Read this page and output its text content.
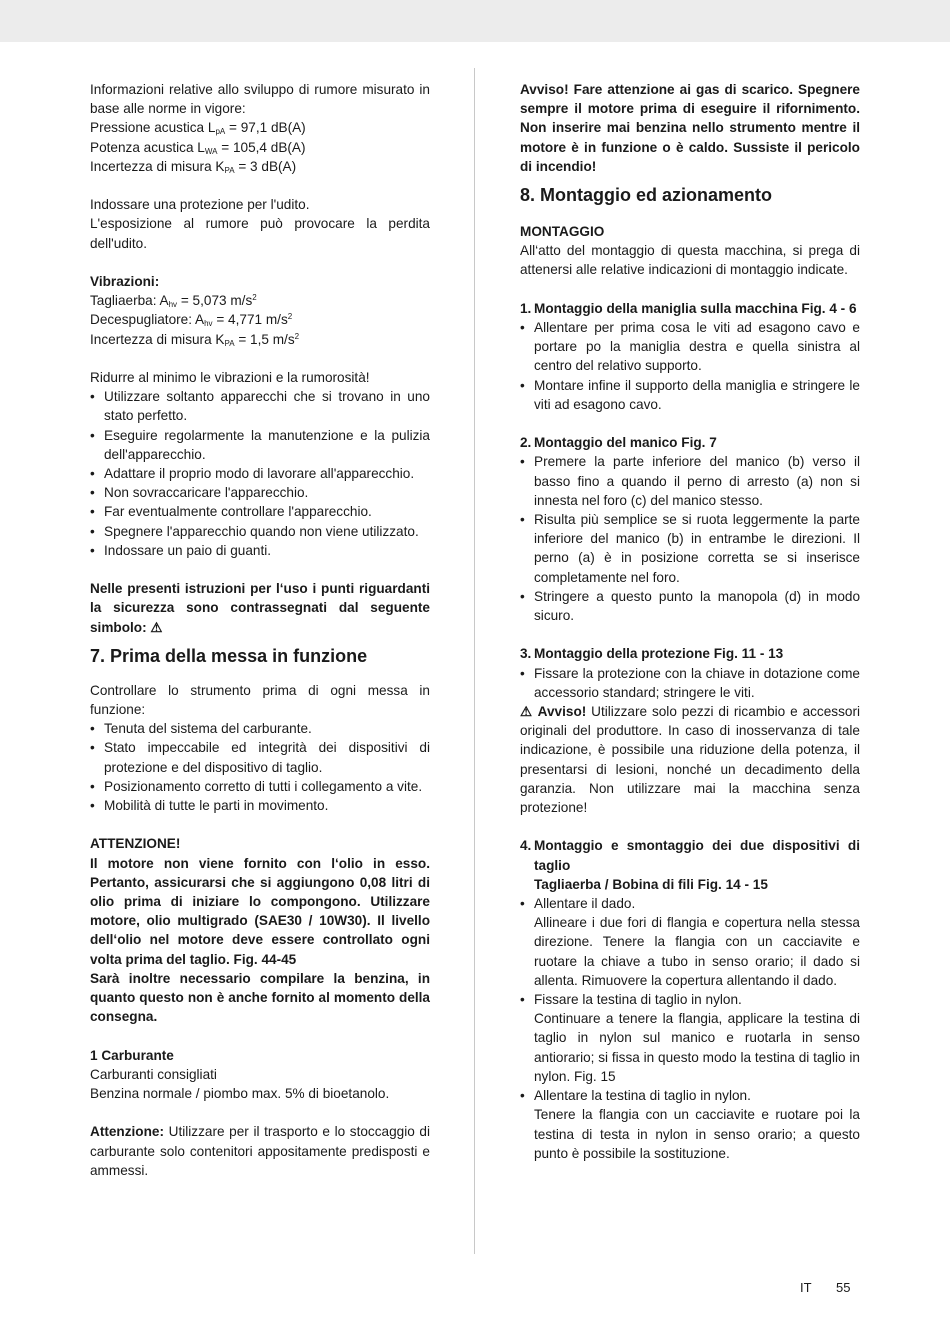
Informazioni relative allo sviluppo di rumore misurato in base alle norme in vigore:

Pressione acustica $L_{pA} = 97,1$ dB(A)

Potenza acustica $L_{WA} = 105,4$ dB(A)

Incertezza di misura $K_{PA} = 3$ dB(A)

Indossare una protezione per l'udito.

L'esposizione al rumore può provocare la perdita dell'udito.

Vibrazioni:

Tagliaerba: $A_{hv} = 5,073$ $m/s^2$

Decespugliatore: $A_{hv} = 4,771$ $m/s^2$

Incertezza di misura $K_{PA} = 1,5$ $m/s^2$

Ridurre al minimo le vibrazioni e la rumorosità!

• Utilizzare soltanto apparecchi che si trovano in uno stato perfetto.
• Eseguire regolarmente la manutenzione e la pulizia dell'apparecchio.
• Adattare il proprio modo di lavorare all'apparecchio.
• Non sovraccaricare l'apparecchio.
• Far eventualmente controllare l'apparecchio.
• Spegnere l'apparecchio quando non viene utilizzato.
• Indossare un paio di guanti.

Nelle presenti istruzioni per l‘uso i punti riguardanti la sicurezza sono contrassegnati dal seguente simbolo: ⚠

7. Prima della messa in funzione

Controllare lo strumento prima di ogni messa in funzione:

• Tenuta del sistema del carburante.
• Stato impeccabile ed integrità dei dispositivi di protezione e del dispositivo di taglio.
• Posizionamento corretto di tutti i collegamento a vite.
• Mobilità di tutte le parti in movimento.

ATTENZIONE!

Il motore non viene fornito con l‘olio in esso. Pertanto, assicurarsi che si aggiungono 0,08 litri di olio prima di iniziare lo compongono. Utilizzare motore, olio multigrado (SAE30 / 10W30). Il livello dell‘olio nel motore deve essere controllato ogni volta prima del taglio. Fig. 44-45

Sarà inoltre necessario compilare la benzina, in quanto questo non è anche fornito al momento della consegna.

1 Carburante

Carburanti consigliati

Benzina normale / piombo max. 5% di bioetanolo.

Attenzione: Utilizzare per il trasporto e lo stoccaggio di carburante solo contenitori appositamente predisposti e ammessi.

Avviso! Fare attenzione ai gas di scarico. Spegnere sempre il motore prima di eseguire il rifornimento. Non inserire mai benzina nello strumento mentre il motore è in funzione o è caldo. Sussiste il pericolo di incendio!

8. Montaggio ed azionamento

MONTAGGIO

All‘atto del montaggio di questa macchina, si prega di attenersi alle relative indicazioni di montaggio indicate.

1. Montaggio della maniglia sulla macchina Fig. 4 - 6
• Allentare per prima cosa le viti ad esagono cavo e portare po la maniglia destra e quella sinistra al centro del relativo supporto.
• Montare infine il supporto della maniglia e stringere le viti ad esagono cavo.
2. Montaggio del manico Fig. 7
• Premere la parte inferiore del manico (b) verso il basso fino a quando il perno di arresto (a) non si innesta nel foro (c) del manico stesso.
• Risulta più semplice se si ruota leggermente la parte inferiore del manico (b) in entrambe le direzioni. Il perno (a) è in posizione corretta se si inserisce completamente nel foro.
• Stringere a questo punto la manopola (d) in modo sicuro.
3. Montaggio della protezione Fig. 11 - 13
• Fissare la protezione con la chiave in dotazione come accessorio standard; stringere le viti.

⚠ Avviso! Utilizzare solo pezzi di ricambio e accessori originali del produttore. In caso di inosservanza di tale indicazione, è possibile una riduzione della potenza, il presentarsi di lesioni, nonché un decadimento della garanzia. Non utilizzare mai la macchina senza protezione!

4. Montaggio e smontaggio dei due dispositivi di taglio
Tagliaerba / Bobina di fili Fig. 14 - 15
• Allentare il dado.
Allineare i due fori di flangia e copertura nella stessa direzione. Tenere la flangia con un cacciavite e ruotare la chiave a tubo in senso orario; il dado si allenta. Rimuovere la copertura allentando il dado.
• Fissare la testina di taglio in nylon.
Continuare a tenere la flangia, applicare la testina di taglio in nylon sul manico e ruotarla in senso antiorario; si fissa in questo modo la testina di taglio in nylon. Fig. 15
• Allentare la testina di taglio in nylon.
Tenere la flangia con un cacciavite e ruotare poi la testina di testa in nylon in senso orario; a questo punto è possibile la sostituzione.
IT 55
